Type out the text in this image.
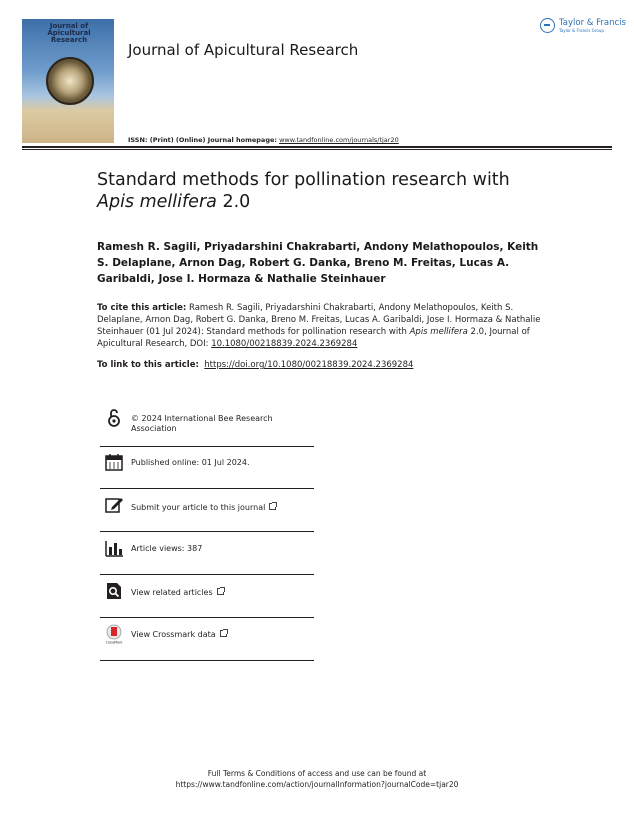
Journal of Apicultural Research
Journal of Apicultural Research
Taylor & Francis
Taylor & Francis Group
ISSN: (Print) (Online) Journal homepage: www.tandfonline.com/journals/tjar20
Standard methods for pollination research with
Apis mellifera 2.0
Ramesh R. Sagili, Priyadarshini Chakrabarti, Andony Melathopoulos, Keith S. Delaplane, Arnon Dag, Robert G. Danka, Breno M. Freitas, Lucas A. Garibaldi, Jose I. Hormaza & Nathalie Steinhauer
To cite this article: Ramesh R. Sagili, Priyadarshini Chakrabarti, Andony Melathopoulos, Keith S. Delaplane, Arnon Dag, Robert G. Danka, Breno M. Freitas, Lucas A. Garibaldi, Jose I. Hormaza & Nathalie Steinhauer (01 Jul 2024): Standard methods for pollination research with Apis mellifera 2.0, Journal of Apicultural Research, DOI: 10.1080/00218839.2024.2369284
To link to this article: https://doi.org/10.1080/00218839.2024.2369284
© 2024 International Bee Research
Association
Published online: 01 Jul 2024.
Submit your article to this journal
Article views: 387
View related articles
CrossMark
View Crossmark data
Full Terms & Conditions of access and use can be found at
https://www.tandfonline.com/action/journalInformation?journalCode=tjar20
